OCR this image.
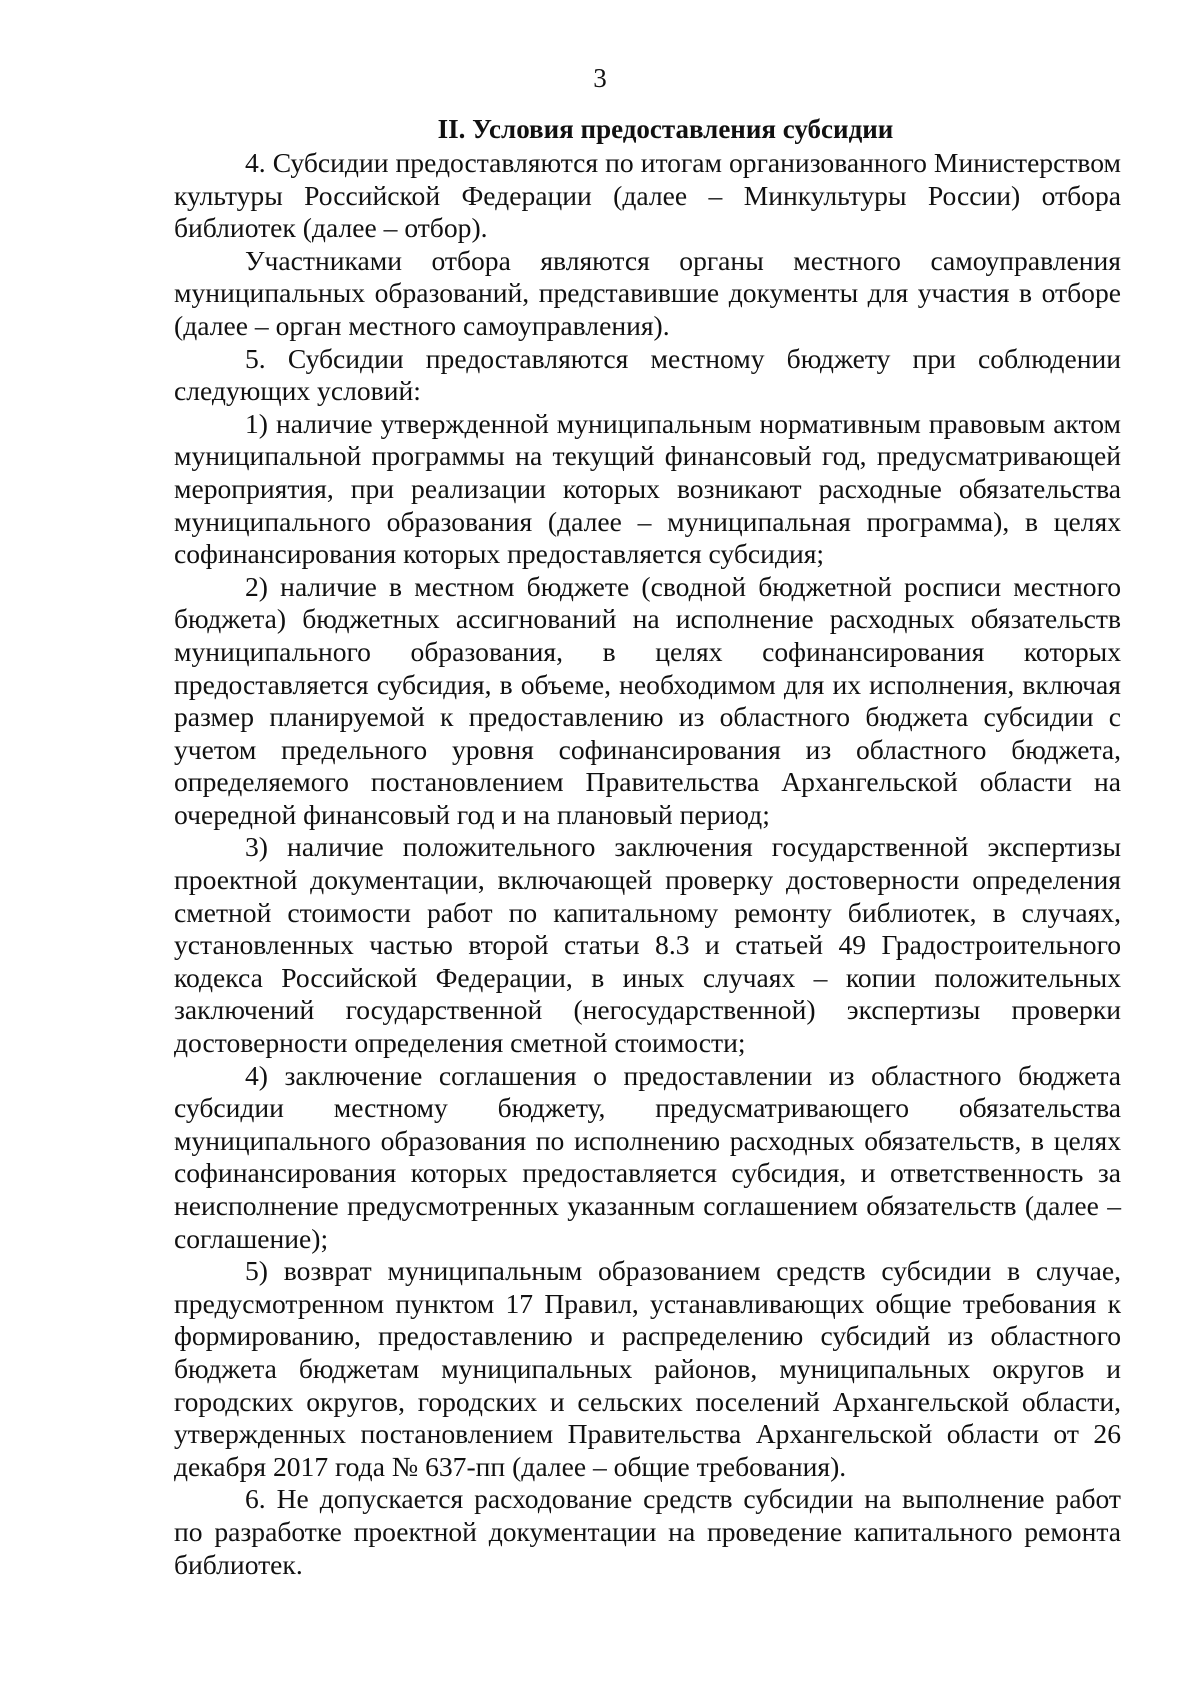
3
II. Условия предоставления субсидии

4. Субсидии предоставляются по итогам организованного Министерством культуры Российской Федерации (далее – Минкультуры России) отбора библиотек (далее – отбор).

Участниками отбора являются органы местного самоуправления муниципальных образований, представившие документы для участия в отборе (далее – орган местного самоуправления).

5. Субсидии предоставляются местному бюджету при соблюдении следующих условий:

1) наличие утвержденной муниципальным нормативным правовым актом муниципальной программы на текущий финансовый год, предусматривающей мероприятия, при реализации которых возникают расходные обязательства муниципального образования (далее – муниципальная программа), в целях софинансирования которых предоставляется субсидия;

2) наличие в местном бюджете (сводной бюджетной росписи местного бюджета) бюджетных ассигнований на исполнение расходных обязательств муниципального образования, в целях софинансирования которых предоставляется субсидия, в объеме, необходимом для их исполнения, включая размер планируемой к предоставлению из областного бюджета субсидии с учетом предельного уровня софинансирования из областного бюджета, определяемого постановлением Правительства Архангельской области на очередной финансовый год и на плановый период;

3) наличие положительного заключения государственной экспертизы проектной документации, включающей проверку достоверности определения сметной стоимости работ по капитальному ремонту библиотек, в случаях, установленных частью второй статьи 8.3 и статьей 49 Градостроительного кодекса Российской Федерации, в иных случаях – копии положительных заключений государственной (негосударственной) экспертизы проверки достоверности определения сметной стоимости;

4) заключение соглашения о предоставлении из областного бюджета субсидии местному бюджету, предусматривающего обязательства муниципального образования по исполнению расходных обязательств, в целях софинансирования которых предоставляется субсидия, и ответственность за неисполнение предусмотренных указанным соглашением обязательств (далее – соглашение);

5) возврат муниципальным образованием средств субсидии в случае, предусмотренном пунктом 17 Правил, устанавливающих общие требования к формированию, предоставлению и распределению субсидий из областного бюджета бюджетам муниципальных районов, муниципальных округов и городских округов, городских и сельских поселений Архангельской области, утвержденных постановлением Правительства Архангельской области от 26 декабря 2017 года № 637-пп (далее – общие требования).

6. Не допускается расходование средств субсидии на выполнение работ по разработке проектной документации на проведение капитального ремонта библиотек.
